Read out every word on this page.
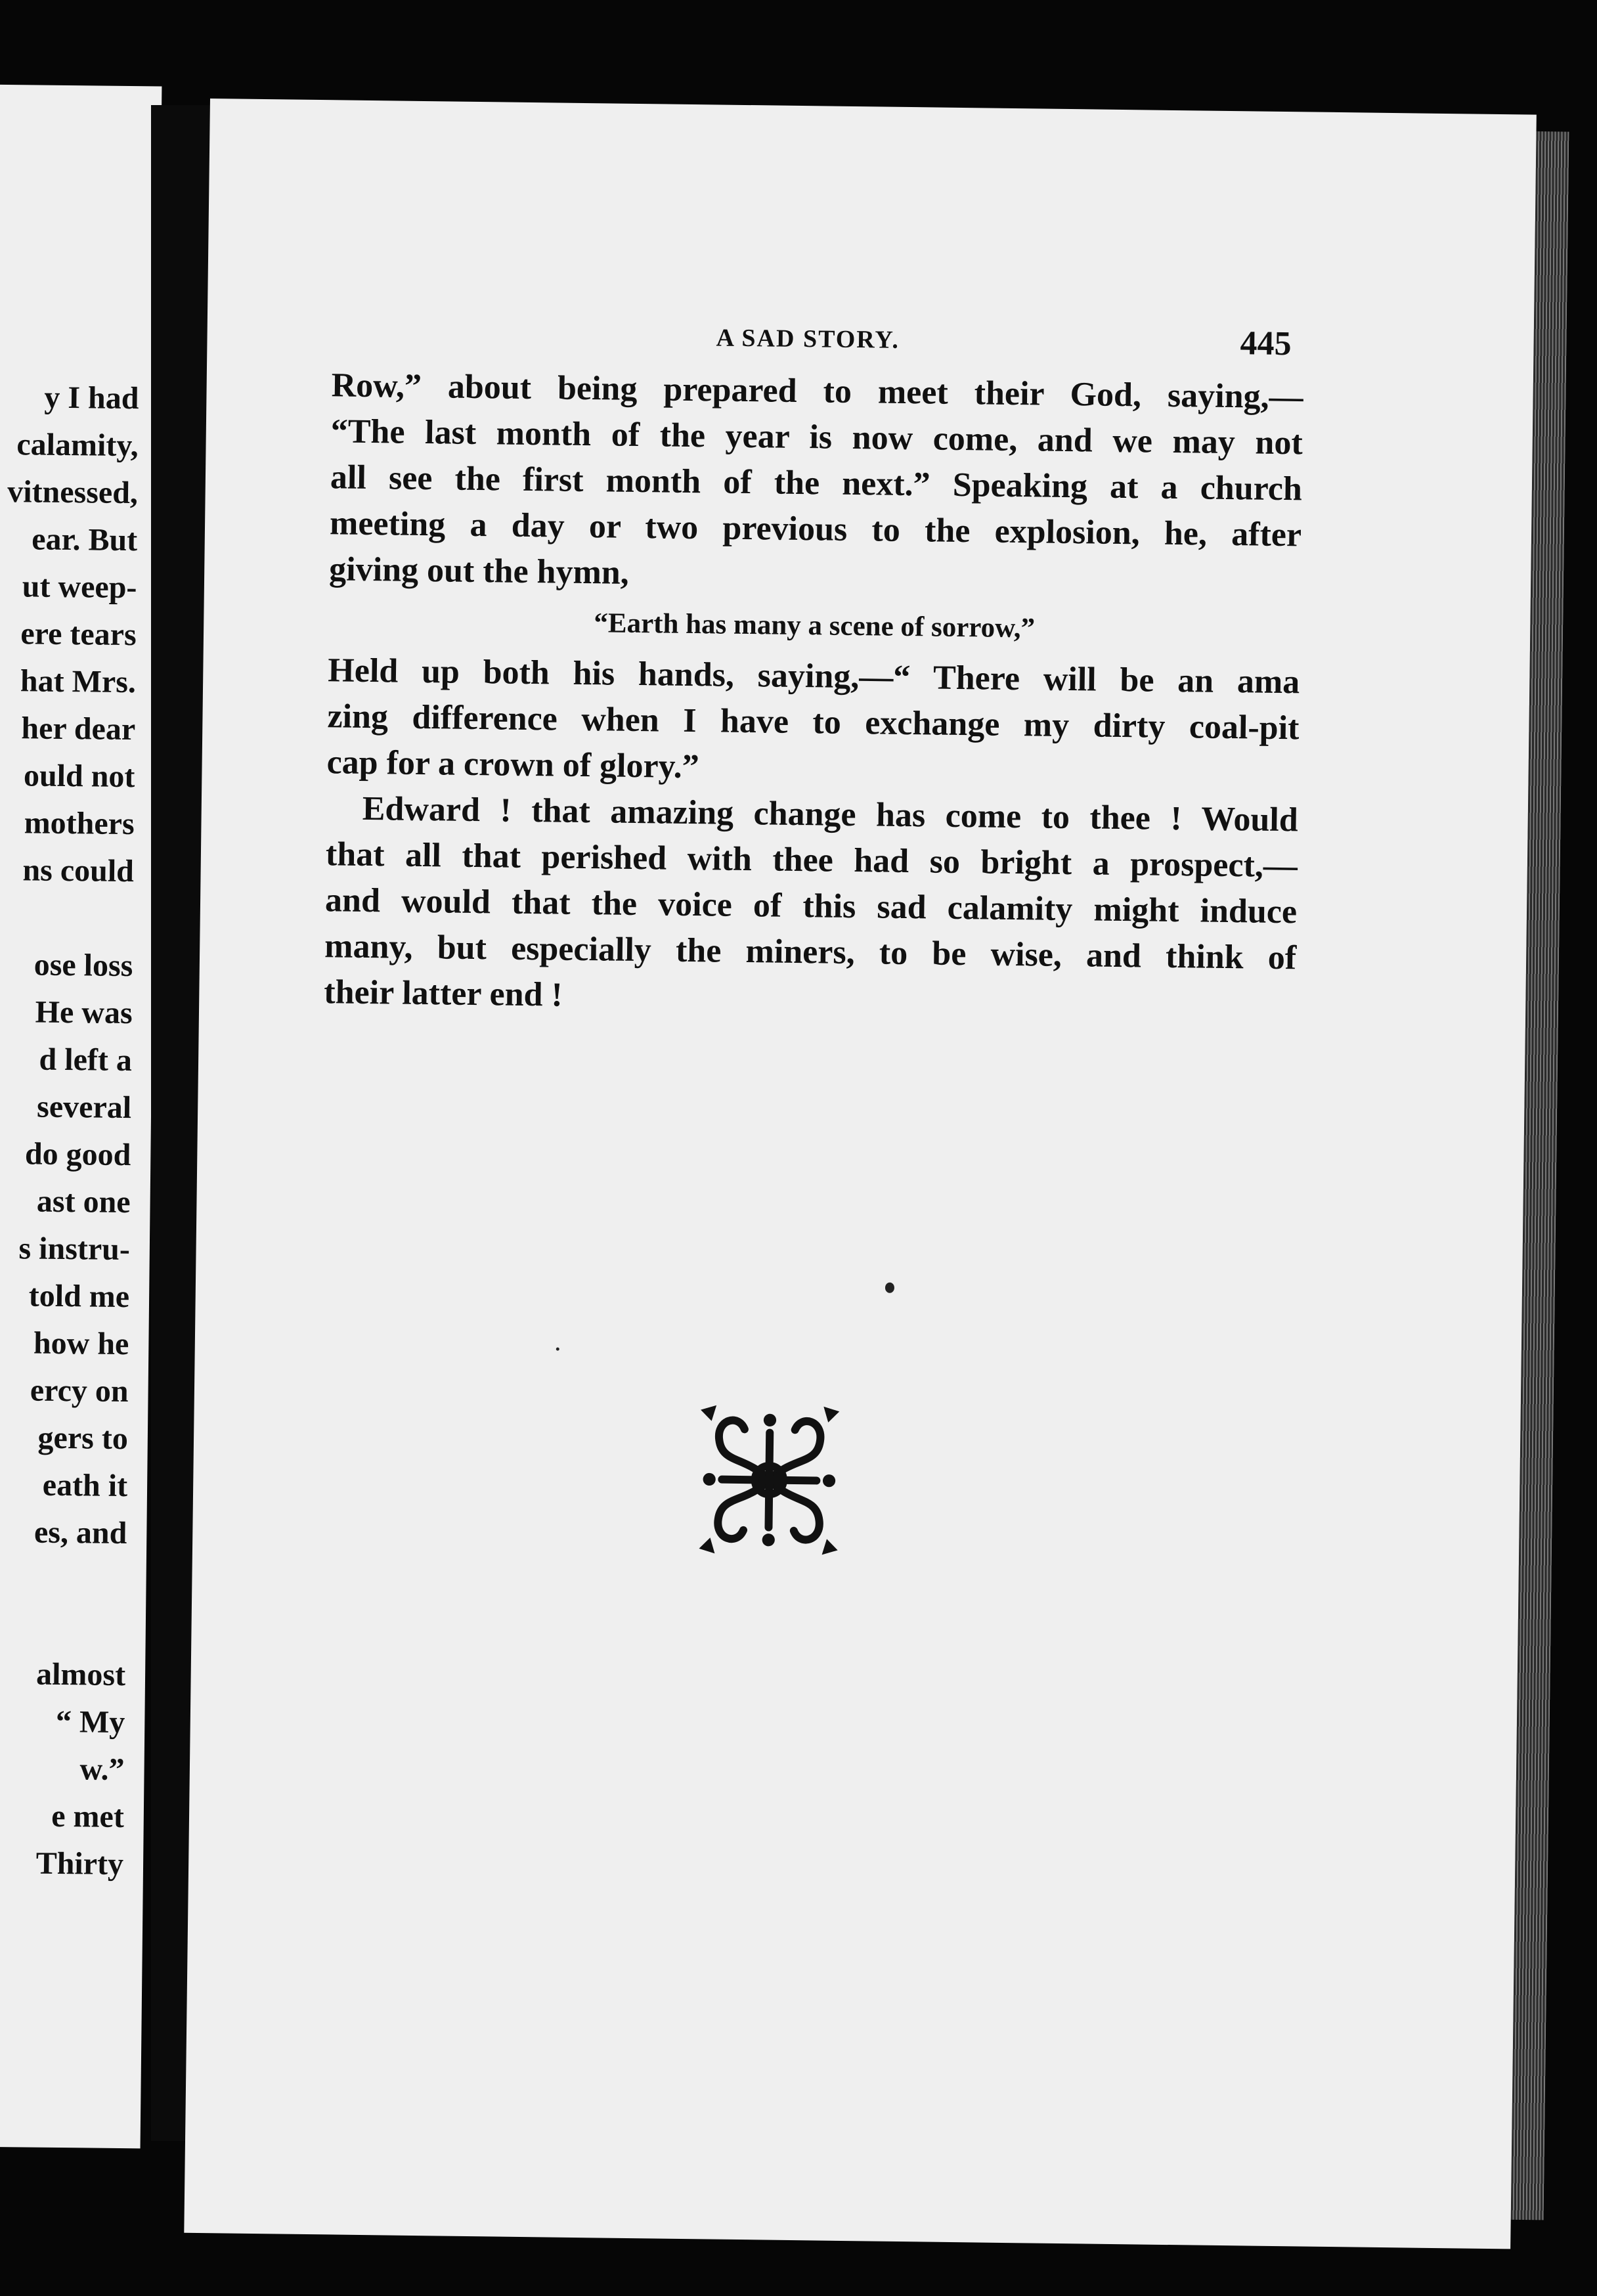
y I had
calamity,
vitnessed,
ear. But
ut weep-
ere tears
hat Mrs.
her dear
ould not
mothers
ns could
ose loss
He was
d left a
several
do good
ast one
s instru-
told me
how he
ercy on
gers to
eath it
es, and
almost
“ My
w.”
e met
Thirty
A SAD STORY.	445
Row,” about being prepared to meet their God, saying,—
“The last month of the year is now come, and we may not
all see the first month of the next.” Speaking at a church
meeting a day or two previous to the explosion, he, after
giving out the hymn,
“Earth has many a scene of sorrow,”
Held up both his hands, saying,—“ There will be an ama
zing difference when I have to exchange my dirty coal-pit
cap for a crown of glory.”
Edward ! that amazing change has come to thee ! Would
that all that perished with thee had so bright a prospect,—
and would that the voice of this sad calamity might induce
many, but especially the miners, to be wise, and think of
their latter end !
